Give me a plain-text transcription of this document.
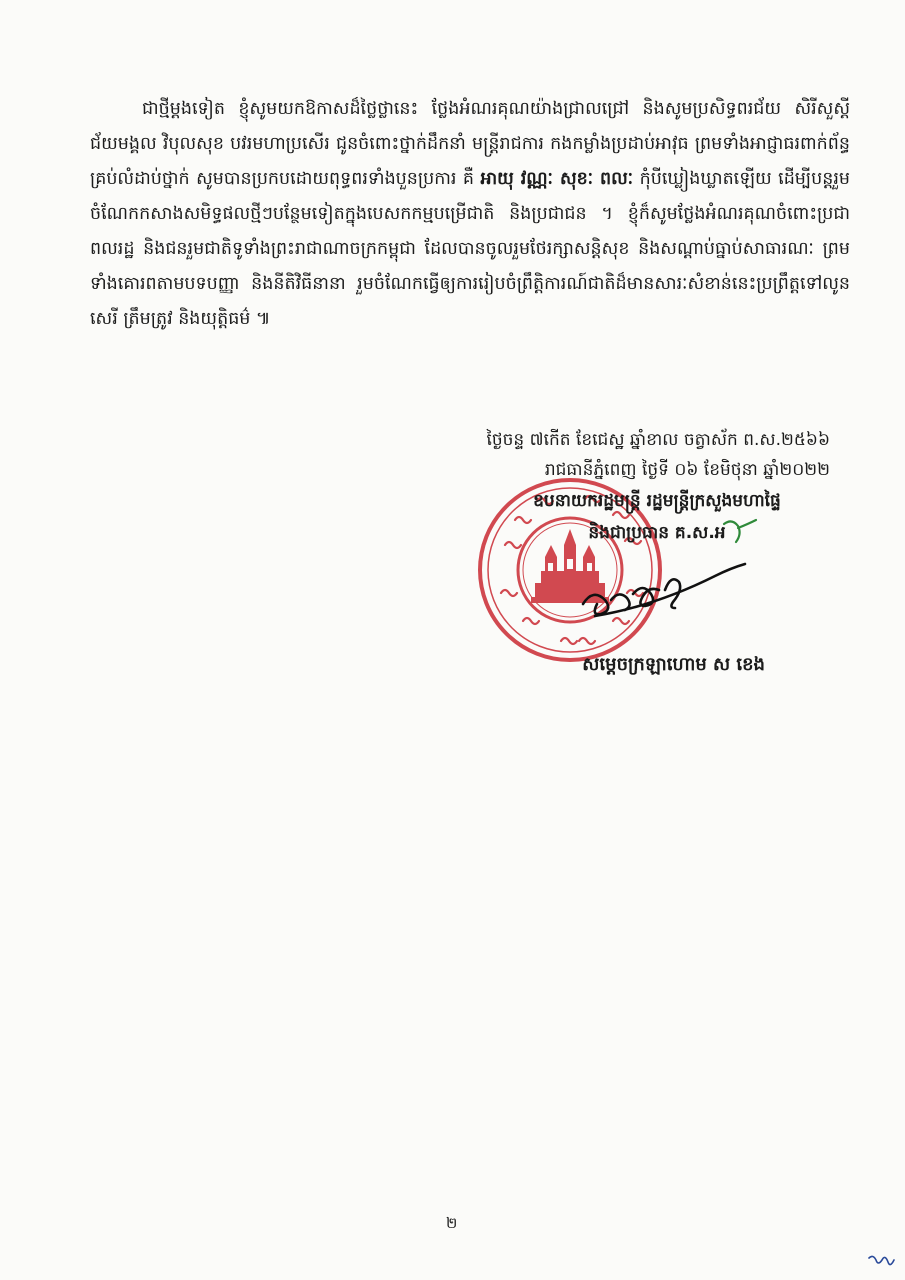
ជាថ្មីម្តងទៀត ខ្ញុំសូមយកឱកាសដ៏ថ្លៃថ្លានេះ ថ្លែងអំណរគុណយ៉ាងជ្រាលជ្រៅ និងសូមប្រសិទ្ធពរជ័យ សិរីសួស្តី ជ័យមង្គល វិបុលសុខ បវរមហាប្រសើរ ជូនចំពោះថ្នាក់ដឹកនាំ មន្ត្រីរាជការ កងកម្លាំងប្រដាប់អាវុធ ព្រមទាំងអាជ្ញាធរពាក់ព័ន្ធគ្រប់លំដាប់ថ្នាក់ សូមបានប្រកបដោយពុទ្ធពរទាំងបួនប្រការ គឺ អាយុ វណ្ណៈ សុខៈ ពលៈ កុំបីឃ្លៀងឃ្លាតឡើយ ដើម្បីបន្តរួមចំណែកកសាងសមិទ្ធផលថ្មីៗបន្ថែមទៀតក្នុងបេសកកម្មបម្រើជាតិ និងប្រជាជន ។ ខ្ញុំក៏សូមថ្លែងអំណរគុណចំពោះប្រជាពលរដ្ឋ និងជនរួមជាតិទូទាំងព្រះរាជាណាចក្រកម្ពុជា ដែលបានចូលរួមថែរក្សាសន្តិសុខ និងសណ្តាប់ធ្នាប់សាធារណៈ ព្រមទាំងគោរពតាមបទបញ្ញា និងនីតិវិធីនានា រួមចំណែកធ្វើឲ្យការរៀបចំព្រឹត្តិការណ៍ជាតិដ៏មានសារៈសំខាន់នេះប្រព្រឹត្តទៅលូន សេរី ត្រឹមត្រូវ និងយុត្តិធម៌ ៕

ថ្ងៃចន្ទ ៧កើត ខែជេស្ឋ ឆ្នាំខាល ចត្វាស័ក ព.ស.២៥៦៦
រាជធានីភ្នំពេញ ថ្ងៃទី ០៦ ខែមិថុនា ឆ្នាំ២០២២
ឧបនាយករដ្ឋមន្ត្រី រដ្ឋមន្ត្រីក្រសួងមហាផ្ទៃ
និងជាប្រធាន គ.ស.អ
សម្តេចក្រឡាហោម ស ខេង
២
